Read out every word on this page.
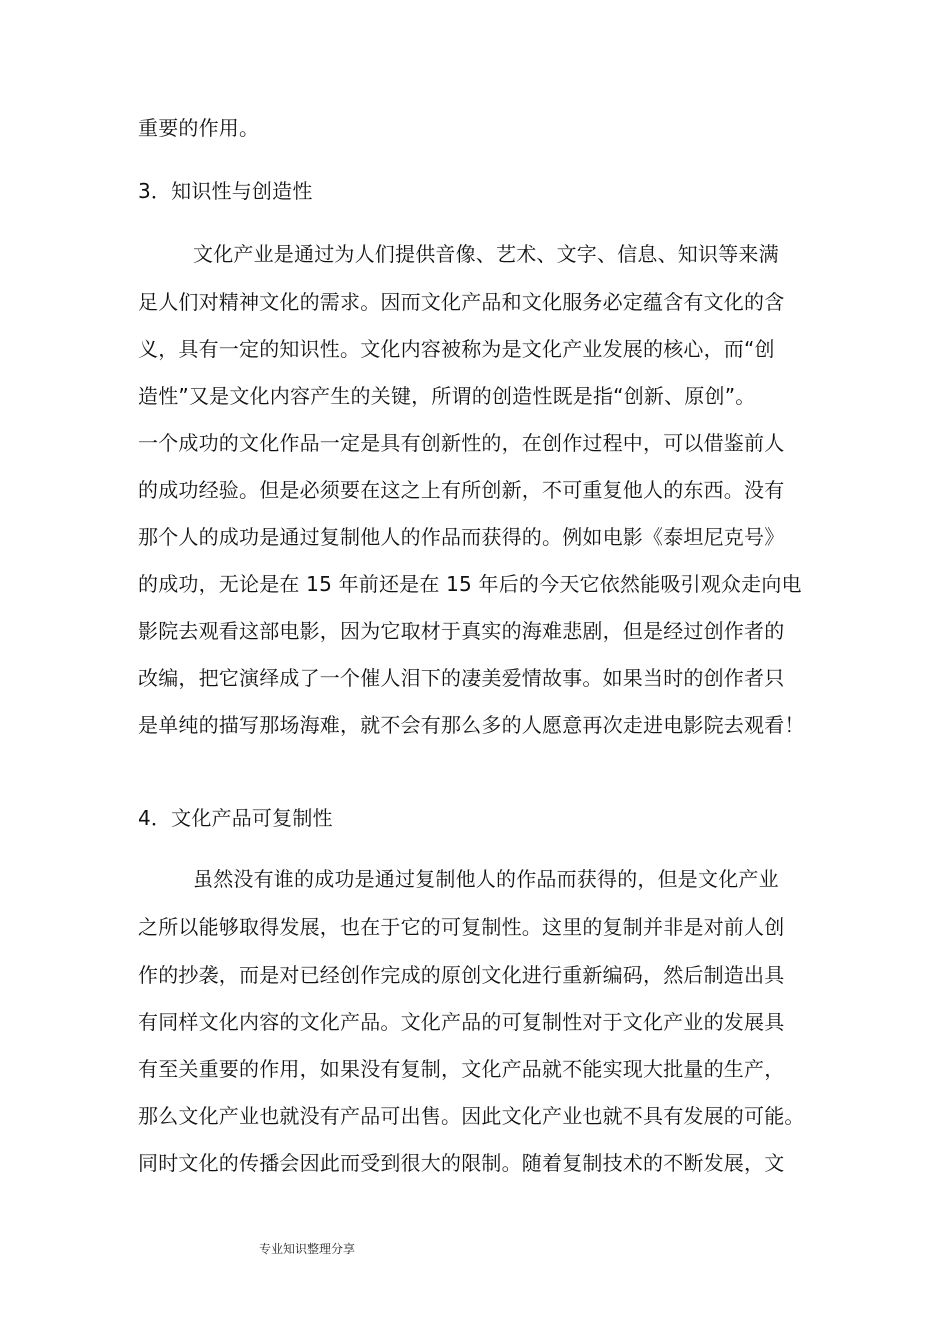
重要的作用。
3．知识性与创造性
文化产业是通过为人们提供音像、艺术、文字、信息、知识等来满
足人们对精神文化的需求。因而文化产品和文化服务必定蕴含有文化的含
义，具有一定的知识性。文化内容被称为是文化产业发展的核心，而“创
造性”又是文化内容产生的关键，所谓的创造性既是指“创新、原创”。
一个成功的文化作品一定是具有创新性的，在创作过程中，可以借鉴前人
的成功经验。但是必须要在这之上有所创新，不可重复他人的东西。没有
那个人的成功是通过复制他人的作品而获得的。例如电影《泰坦尼克号》
的成功，无论是在 15 年前还是在 15 年后的今天它依然能吸引观众走向电
影院去观看这部电影，因为它取材于真实的海难悲剧，但是经过创作者的
改编，把它演绎成了一个催人泪下的凄美爱情故事。如果当时的创作者只
是单纯的描写那场海难，就不会有那么多的人愿意再次走进电影院去观看！
4．文化产品可复制性
虽然没有谁的成功是通过复制他人的作品而获得的，但是文化产业
之所以能够取得发展，也在于它的可复制性。这里的复制并非是对前人创
作的抄袭，而是对已经创作完成的原创文化进行重新编码，然后制造出具
有同样文化内容的文化产品。文化产品的可复制性对于文化产业的发展具
有至关重要的作用，如果没有复制，文化产品就不能实现大批量的生产，
那么文化产业也就没有产品可出售。因此文化产业也就不具有发展的可能。
同时文化的传播会因此而受到很大的限制。随着复制技术的不断发展，文
专业知识整理分享
